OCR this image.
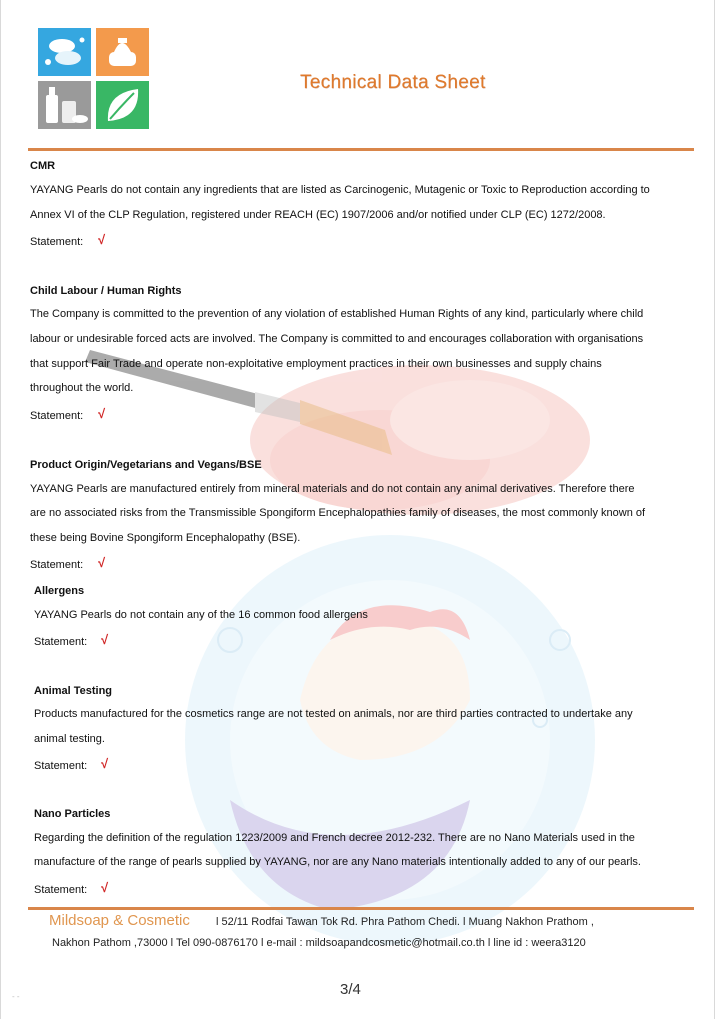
Technical Data Sheet
CMR
YAYANG Pearls do not contain any ingredients that are listed as Carcinogenic, Mutagenic or Toxic to Reproduction according to
Annex VI of the CLP Regulation, registered under REACH (EC) 1907/2006 and/or notified under CLP (EC) 1272/2008.
Statement: √
Child Labour / Human Rights
The Company is committed to the prevention of any violation of established Human Rights of any kind, particularly where child
labour or undesirable forced acts are involved. The Company is committed to and encourages collaboration with organisations
that support Fair Trade and operate non-exploitative employment practices in their own businesses and supply chains
throughout the world.
Statement: √
Product Origin/Vegetarians and Vegans/BSE
YAYANG Pearls are manufactured entirely from mineral materials and do not contain any animal derivatives. Therefore there
are no associated risks from the Transmissible Spongiform Encephalopathies family of diseases, the most commonly known of
these being Bovine Spongiform Encephalopathy (BSE).
Statement: √
Allergens
YAYANG Pearls do not contain any of the 16 common food allergens
Statement: √
Animal Testing
Products manufactured for the cosmetics range are not tested on animals, nor are third parties contracted to undertake any
animal testing.
Statement: √
Nano Particles
Regarding the definition of the regulation 1223/2009 and French decree 2012-232. There are no Nano Materials used in the
manufacture of the range of pearls supplied by YAYANG, nor are any Nano materials intentionally added to any of our pearls.
Statement: √
Mildsoap & Cosmetic l 52/11 Rodfai Tawan Tok Rd. Phra Pathom Chedi. l Muang Nakhon Prathom ,
Nakhon Pathom ,73000 l Tel 090-0876170 l e-mail : mildsoapandcosmetic@hotmail.co.th l line id : weera3120
3/4
- -
